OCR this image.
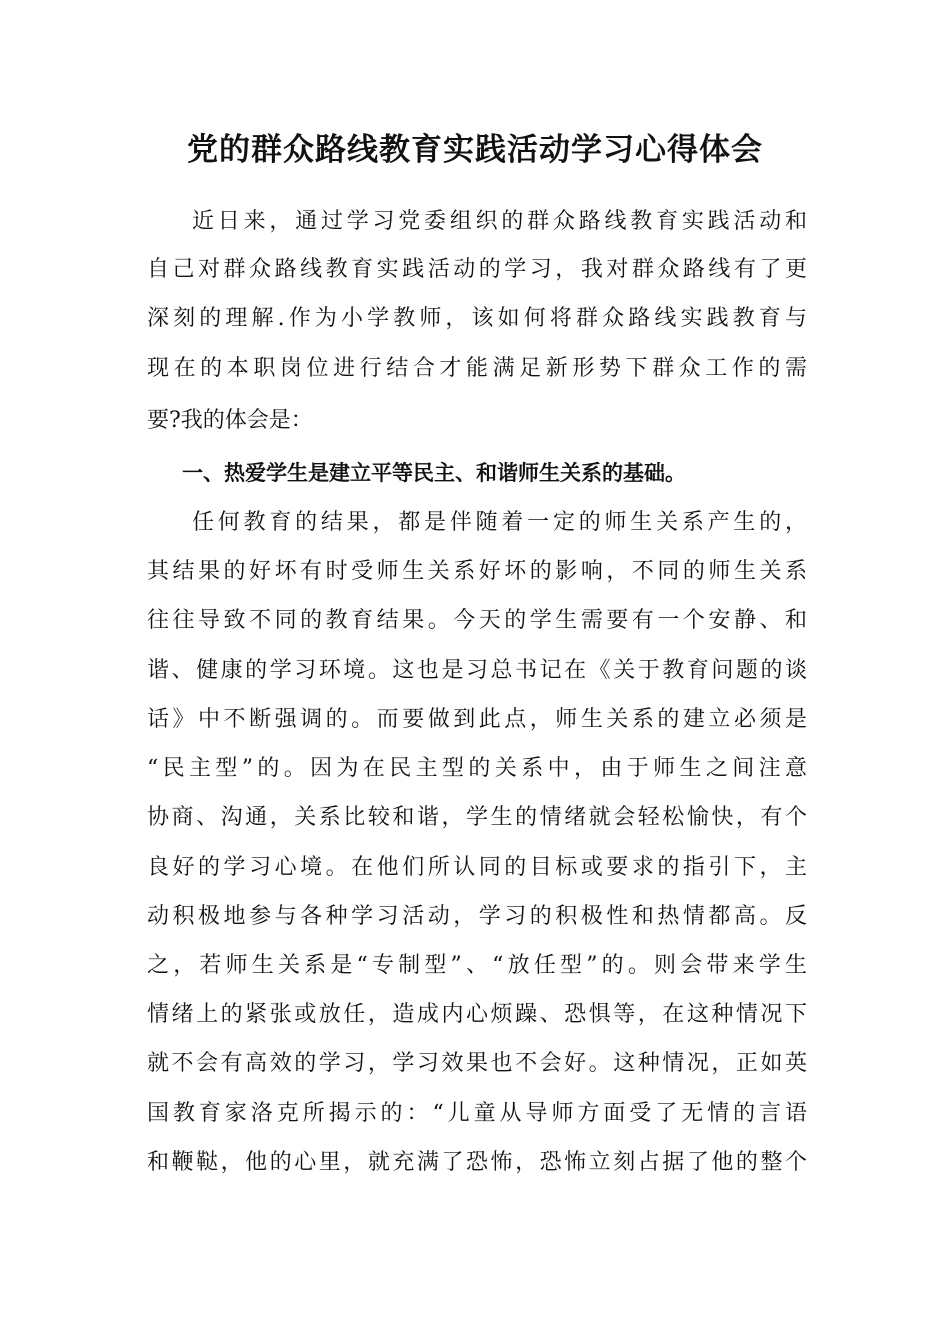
党的群众路线教育实践活动学习心得体会

近日来，通过学习党委组织的群众路线教育实践活动和

自己对群众路线教育实践活动的学习，我对群众路线有了更

深刻的理解.作为小学教师，该如何将群众路线实践教育与

现在的本职岗位进行结合才能满足新形势下群众工作的需

要?我的体会是：

一、热爱学生是建立平等民主、和谐师生关系的基础。

任何教育的结果，都是伴随着一定的师生关系产生的，

其结果的好坏有时受师生关系好坏的影响，不同的师生关系

往往导致不同的教育结果。今天的学生需要有一个安静、和

谐、健康的学习环境。这也是习总书记在《关于教育问题的谈

话》中不断强调的。而要做到此点，师生关系的建立必须是

“民主型”的。因为在民主型的关系中，由于师生之间注意

协商、沟通，关系比较和谐，学生的情绪就会轻松愉快，有个

良好的学习心境。在他们所认同的目标或要求的指引下，主

动积极地参与各种学习活动，学习的积极性和热情都高。反

之，若师生关系是“专制型”、“放任型”的。则会带来学生

情绪上的紧张或放任，造成内心烦躁、恐惧等，在这种情况下

就不会有高效的学习，学习效果也不会好。这种情况，正如英

国教育家洛克所揭示的：“儿童从导师方面受了无情的言语

和鞭鞑，他的心里，就充满了恐怖，恐怖立刻占据了他的整个
